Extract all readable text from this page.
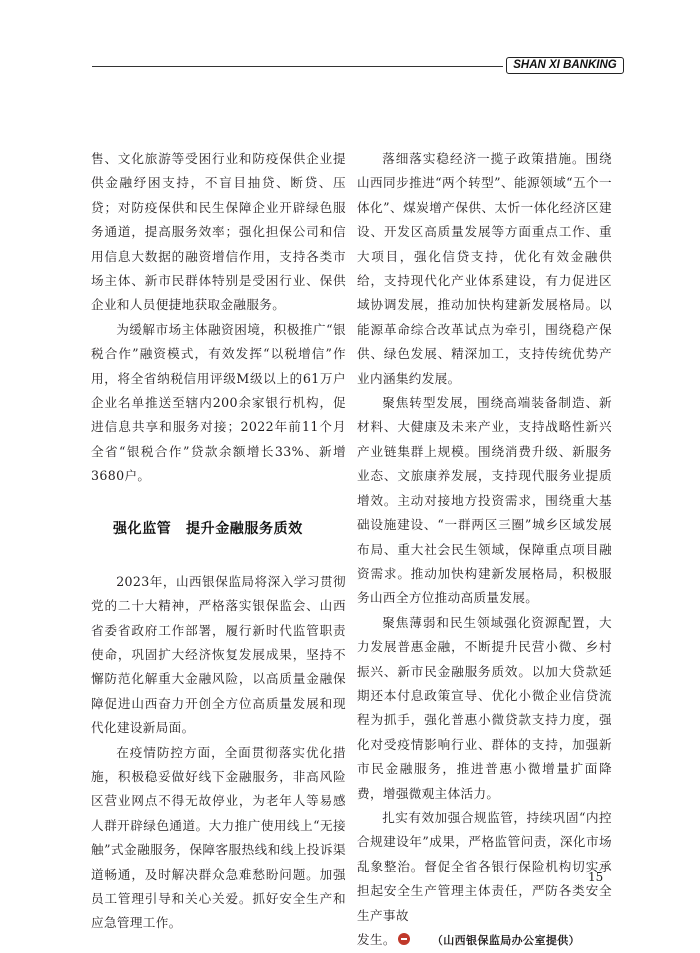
SHAN XI BANKING

售、文化旅游等受困行业和防疫保供企业提供金融纾困支持，不盲目抽贷、断贷、压贷；对防疫保供和民生保障企业开辟绿色服务通道，提高服务效率；强化担保公司和信用信息大数据的融资增信作用，支持各类市场主体、新市民群体特别是受困行业、保供企业和人员便捷地获取金融服务。

为缓解市场主体融资困境，积极推广“银税合作”融资模式，有效发挥“以税增信”作用，将全省纳税信用评级M级以上的61万户企业名单推送至辖内200余家银行机构，促进信息共享和服务对接；2022年前11个月全省“银税合作”贷款余额增长33%、新增3680户。

强化监管　提升金融服务质效

2023年，山西银保监局将深入学习贯彻党的二十大精神，严格落实银保监会、山西省委省政府工作部署，履行新时代监管职责使命，巩固扩大经济恢复发展成果，坚持不懈防范化解重大金融风险，以高质量金融保障促进山西奋力开创全方位高质量发展和现代化建设新局面。

在疫情防控方面，全面贯彻落实优化措施，积极稳妥做好线下金融服务，非高风险区营业网点不得无故停业，为老年人等易感人群开辟绿色通道。大力推广使用线上“无接触”式金融服务，保障客服热线和线上投诉渠道畅通，及时解决群众急难愁盼问题。加强员工管理引导和关心关爱。抓好安全生产和应急管理工作。

落细落实稳经济一揽子政策措施。围绕山西同步推进“两个转型”、能源领域“五个一体化”、煤炭增产保供、太忻一体化经济区建设、开发区高质量发展等方面重点工作、重大项目，强化信贷支持，优化有效金融供给，支持现代化产业体系建设，有力促进区域协调发展，推动加快构建新发展格局。以能源革命综合改革试点为牵引，围绕稳产保供、绿色发展、精深加工，支持传统优势产业内涵集约发展。

聚焦转型发展，围绕高端装备制造、新材料、大健康及未来产业，支持战略性新兴产业链集群上规模。围绕消费升级、新服务业态、文旅康养发展，支持现代服务业提质增效。主动对接地方投资需求，围绕重大基础设施建设、“一群两区三圈”城乡区域发展布局、重大社会民生领域，保障重点项目融资需求。推动加快构建新发展格局，积极服务山西全方位推动高质量发展。

聚焦薄弱和民生领域强化资源配置，大力发展普惠金融，不断提升民营小微、乡村振兴、新市民金融服务质效。以加大贷款延期还本付息政策宣导、优化小微企业信贷流程为抓手，强化普惠小微贷款支持力度，强化对受疫情影响行业、群体的支持，加强新市民金融服务，推进普惠小微增量扩面降费，增强微观主体活力。

扎实有效加强合规监管，持续巩固“内控合规建设年”成果，严格监管问责，深化市场乱象整治。督促全省各银行保险机构切实承担起安全生产管理主体责任，严防各类安全生产事故

发生。	（山西银保监局办公室提供）

15
